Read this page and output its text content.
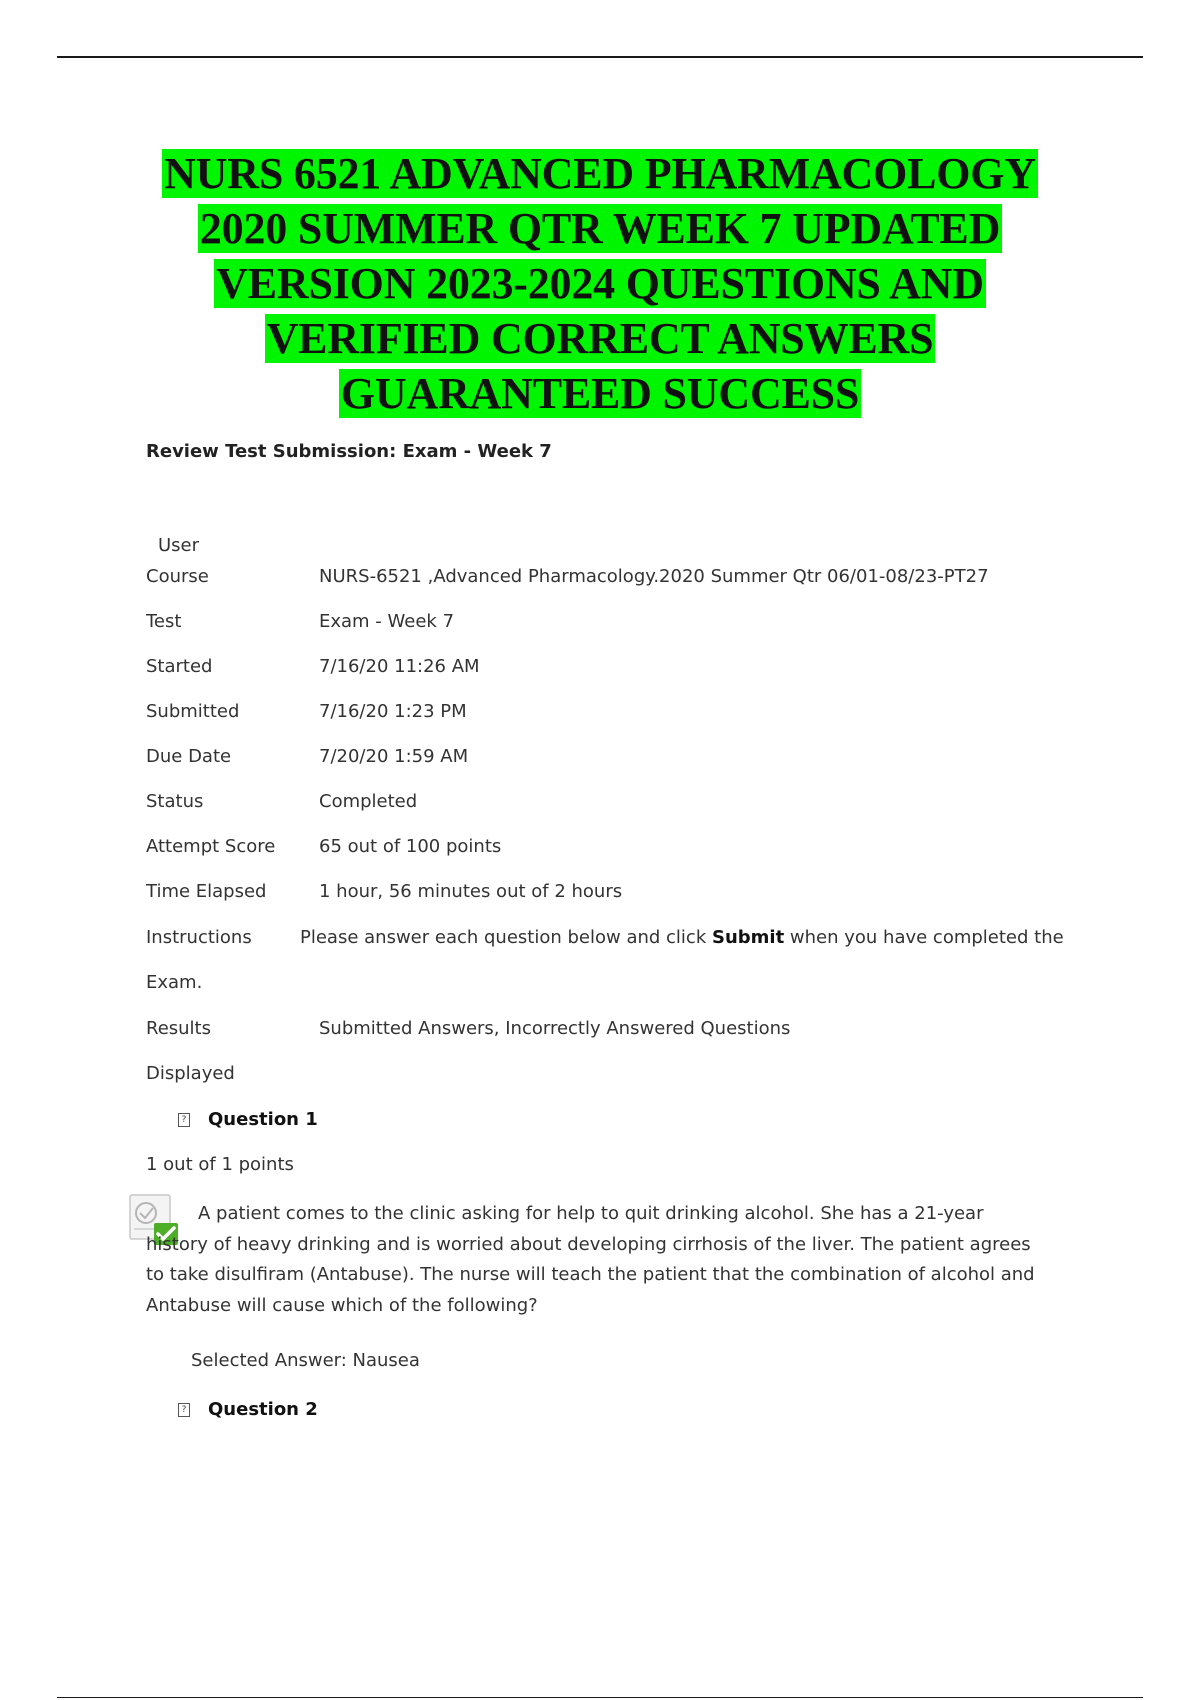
NURS 6521 ADVANCED PHARMACOLOGY
2020 SUMMER QTR WEEK 7 UPDATED
VERSION 2023-2024 QUESTIONS AND
VERIFIED CORRECT ANSWERS
GUARANTEED SUCCESS
Review Test Submission: Exam - Week 7
User
Course	NURS-6521 ,Advanced Pharmacology.2020 Summer Qtr 06/01-08/23-PT27
Test	Exam - Week 7
Started	7/16/20 11:26 AM
Submitted	7/16/20 1:23 PM
Due Date	7/20/20 1:59 AM
Status	Completed
Attempt Score 65 out of 100 points
Time Elapsed	1 hour, 56 minutes out of 2 hours
Instructions	Please answer each question below and click Submit when you have completed the
Exam.
Results	Submitted Answers, Incorrectly Answered Questions
Displayed
? Question 1
1 out of 1 points
A patient comes to the clinic asking for help to quit drinking alcohol. She has a 21-year history of heavy drinking and is worried about developing cirrhosis of the liver. The patient agrees to take disulfiram (Antabuse). The nurse will teach the patient that the combination of alcohol and Antabuse will cause which of the following?
Selected Answer: Nausea
? Question 2
